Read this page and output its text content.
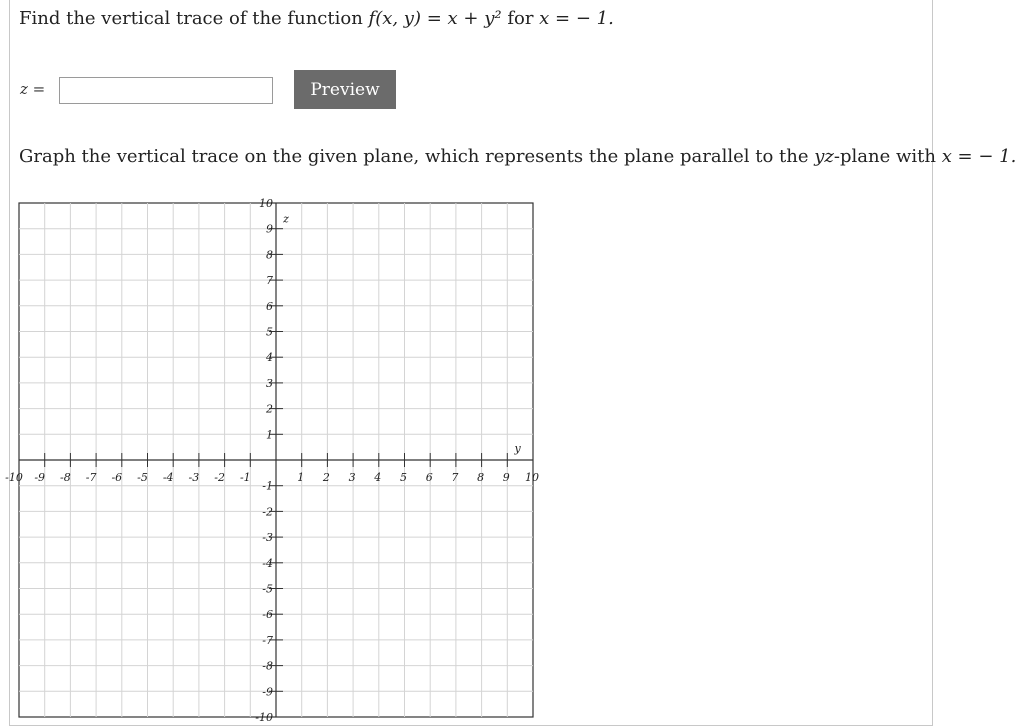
Find the vertical trace of the function f(x, y) = x + y² for x = − 1.
z =	Preview
Graph the vertical trace on the given plane, which represents the plane parallel to the yz-plane with x = − 1.
-10 -9 -8 -7 -6 -5 -4 -3 -2 -1	1 2 3 4 5 6 7 8 9 10
10
9
8
7
6
5
4
3
2
1
-1
-2
-3
-4
-5
-6
-7
-8
-9
-10
y
z
